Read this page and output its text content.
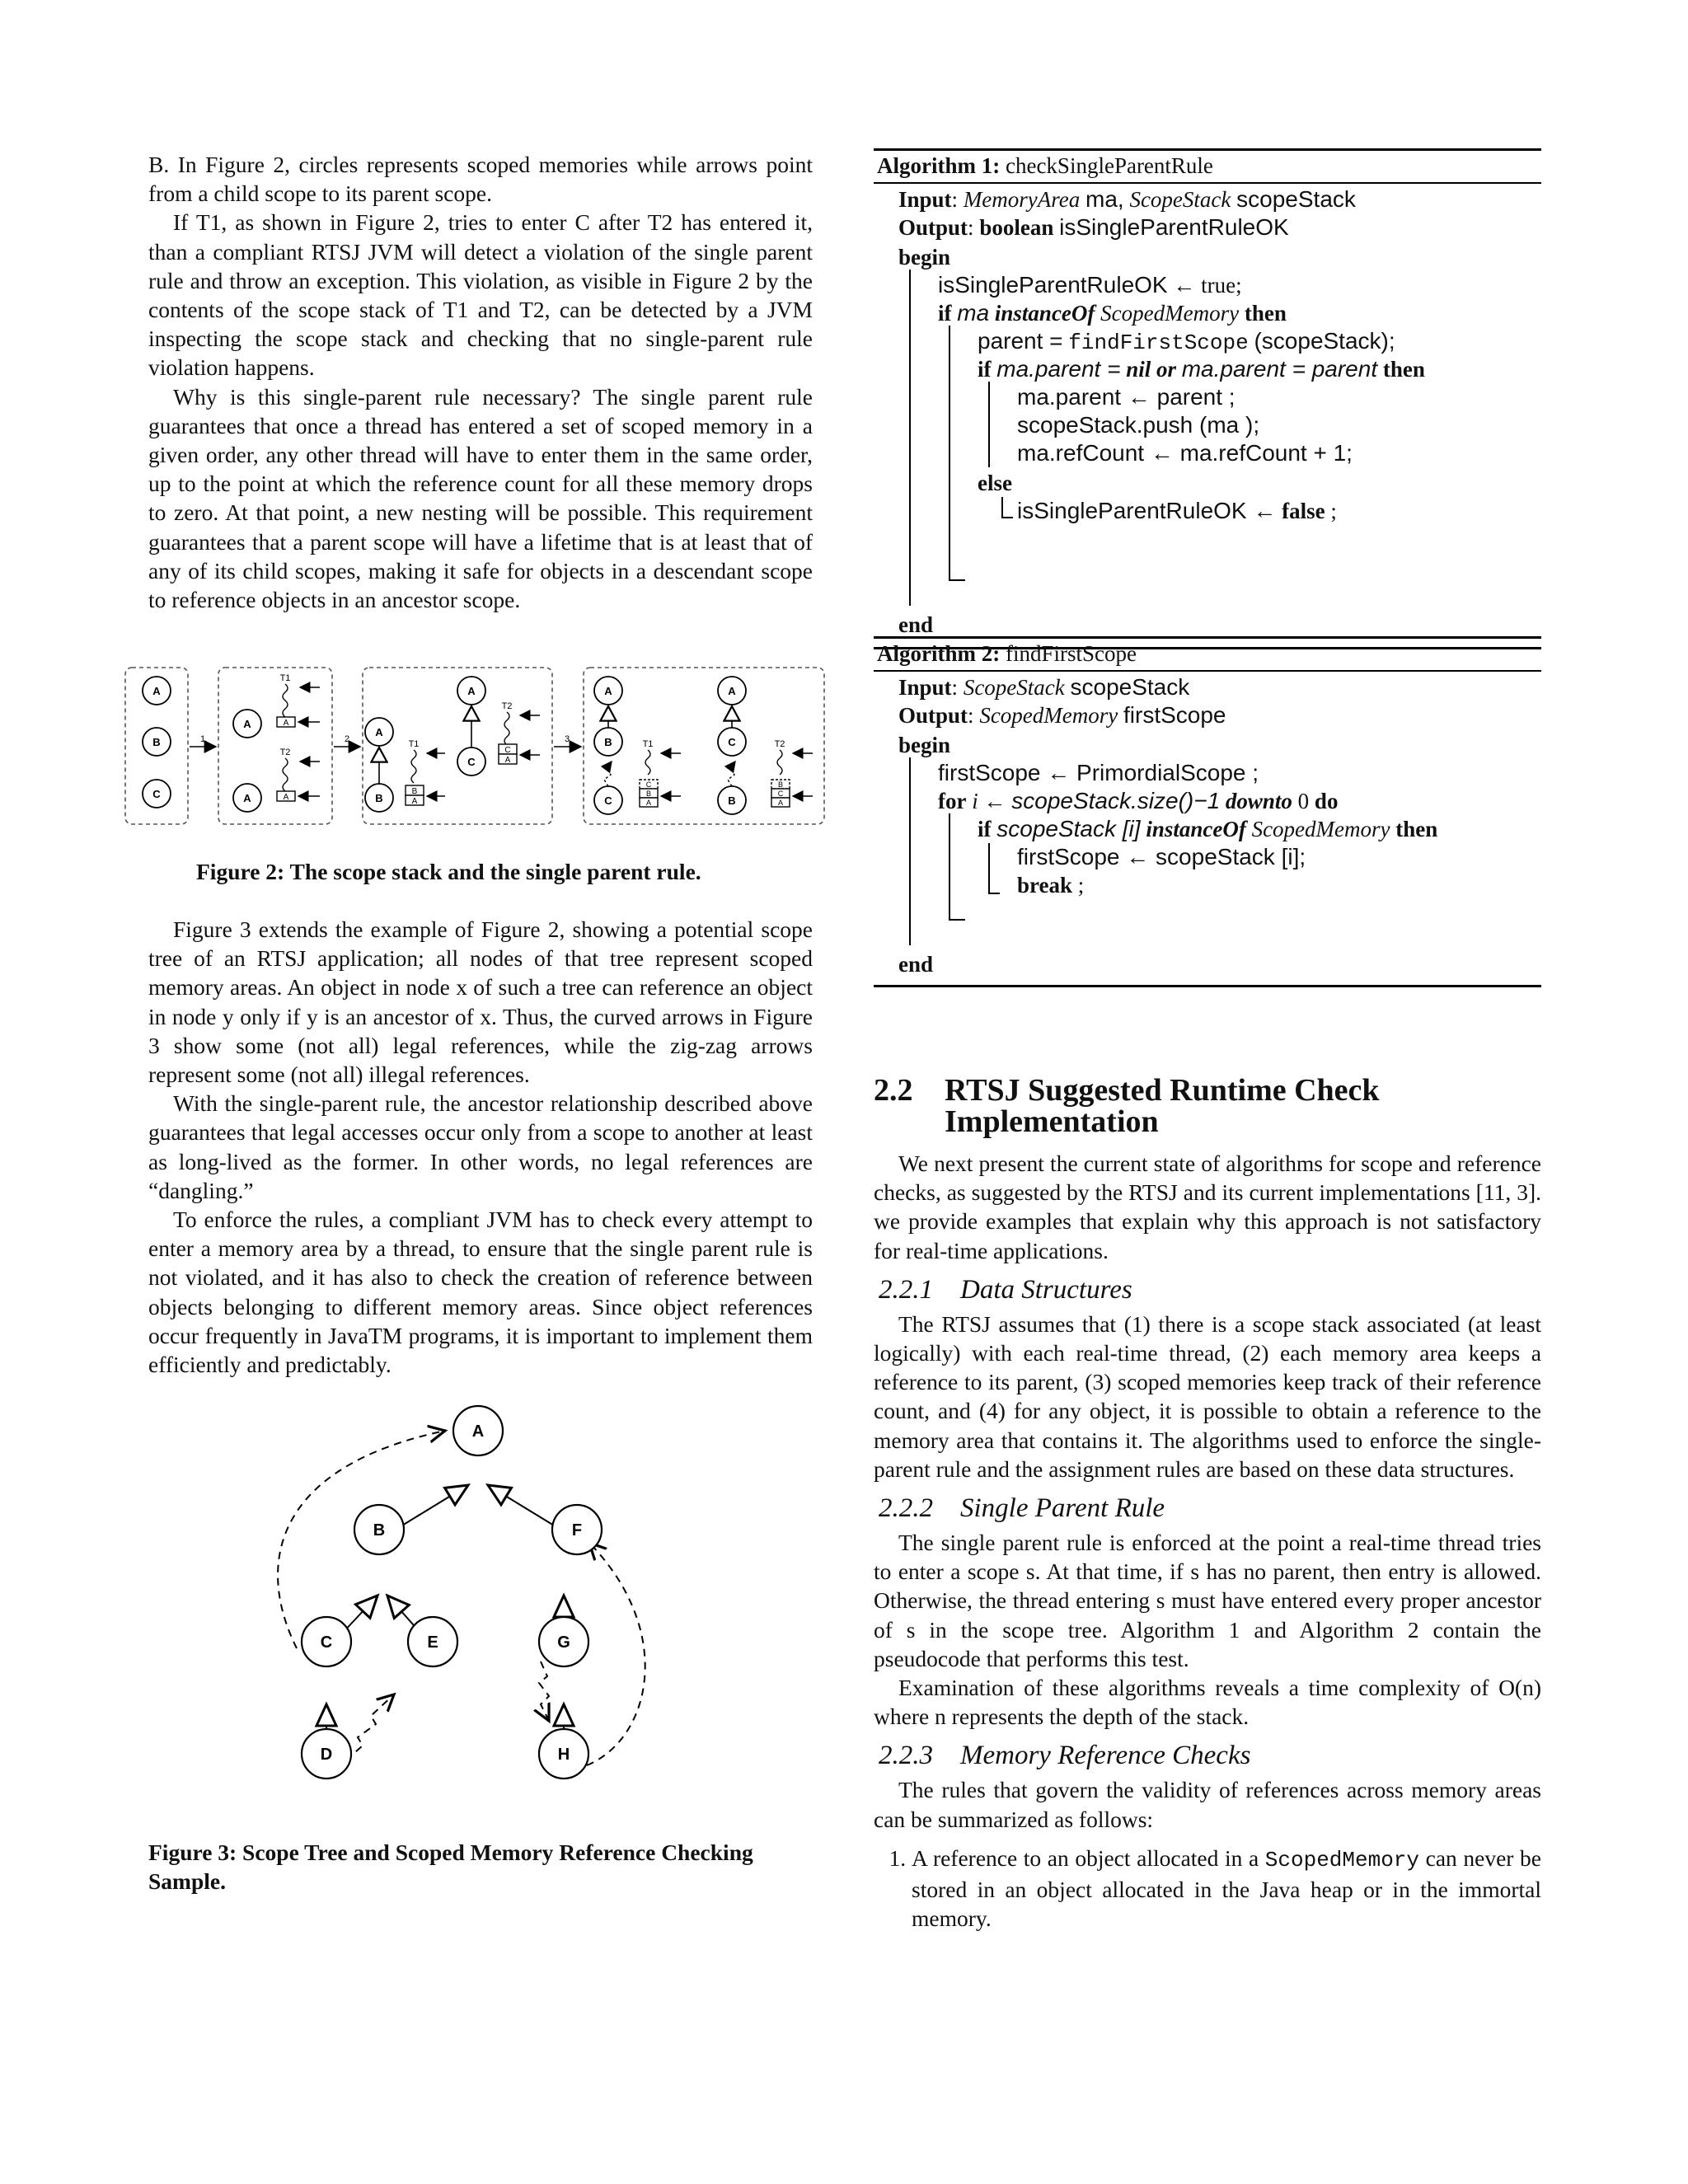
B. In Figure 2, circles represents scoped memories while arrows point from a child scope to its parent scope.

If T1, as shown in Figure 2, tries to enter C after T2 has entered it, than a compliant RTSJ JVM will detect a violation of the single parent rule and throw an exception. This violation, as visible in Figure 2 by the contents of the scope stack of T1 and T2, can be detected by a JVM inspecting the scope stack and checking that no single-parent rule violation happens.

Why is this single-parent rule necessary? The single parent rule guarantees that once a thread has entered a set of scoped memory in a given order, any other thread will have to enter them in the same order, up to the point at which the reference count for all these memory drops to zero. At that point, a new nesting will be possible. This requirement guarantees that a parent scope will have a lifetime that is at least that of any of its child scopes, making it safe for objects in a descendant scope to reference objects in an ancestor scope.

A
B
C
1	2	3
A
A
T1
T2
A
A
A
A
B
C
T1
T2
B
A
C
A
A
B
C
A
C
B
T1	T2
C
B
A
B
C
A
Figure 2: The scope stack and the single parent rule.

Figure 3 extends the example of Figure 2, showing a potential scope tree of an RTSJ application; all nodes of that tree represent scoped memory areas. An object in node x of such a tree can reference an object in node y only if y is an ancestor of x. Thus, the curved arrows in Figure 3 show some (not all) legal references, while the zig-zag arrows represent some (not all) illegal references.

With the single-parent rule, the ancestor relationship described above guarantees that legal accesses occur only from a scope to another at least as long-lived as the former. In other words, no legal references are “dangling.”

To enforce the rules, a compliant JVM has to check every attempt to enter a memory area by a thread, to ensure that the single parent rule is not violated, and it has also to check the creation of reference between objects belonging to different memory areas. Since object references occur frequently in JavaTM programs, it is important to implement them efficiently and predictably.

A
B	F
C	E	G
D	H
Figure 3: Scope Tree and Scoped Memory Reference Checking Sample.
Algorithm 1: checkSingleParentRule
Input: MemoryArea ma, ScopeStack scopeStack
Output: boolean isSingleParentRuleOK
begin
isSingleParentRuleOK ← true;
if ma instanceOf ScopedMemory then
parent = findFirstScope (scopeStack);
if ma.parent = nil or ma.parent = parent then
ma.parent ← parent ;
scopeStack.push (ma );
ma.refCount ← ma.refCount + 1;
else
isSingleParentRuleOK ← false ;
end
Algorithm 2: findFirstScope
Input: ScopeStack scopeStack
Output: ScopedMemory firstScope
begin
firstScope ← PrimordialScope ;
for i ← scopeStack.size()−1 downto 0 do
if scopeStack [i] instanceOf ScopedMemory then
firstScope ← scopeStack [i];
break ;
end
2.2	RTSJ Suggested Runtime Check Implementation

We next present the current state of algorithms for scope and reference checks, as suggested by the RTSJ and its current implementations [11, 3]. we provide examples that explain why this approach is not satisfactory for real-time applications.

2.2.1    Data Structures

The RTSJ assumes that (1) there is a scope stack associated (at least logically) with each real-time thread, (2) each memory area keeps a reference to its parent, (3) scoped memories keep track of their reference count, and (4) for any object, it is possible to obtain a reference to the memory area that contains it. The algorithms used to enforce the single-parent rule and the assignment rules are based on these data structures.

2.2.2    Single Parent Rule

The single parent rule is enforced at the point a real-time thread tries to enter a scope s. At that time, if s has no parent, then entry is allowed. Otherwise, the thread entering s must have entered every proper ancestor of s in the scope tree. Algorithm 1 and Algorithm 2 contain the pseudocode that performs this test.

Examination of these algorithms reveals a time complexity of O(n) where n represents the depth of the stack.

2.2.3    Memory Reference Checks

The rules that govern the validity of references across memory areas can be summarized as follows:

1. A reference to an object allocated in a ScopedMemory can never be stored in an object allocated in the Java heap or in the immortal memory.
